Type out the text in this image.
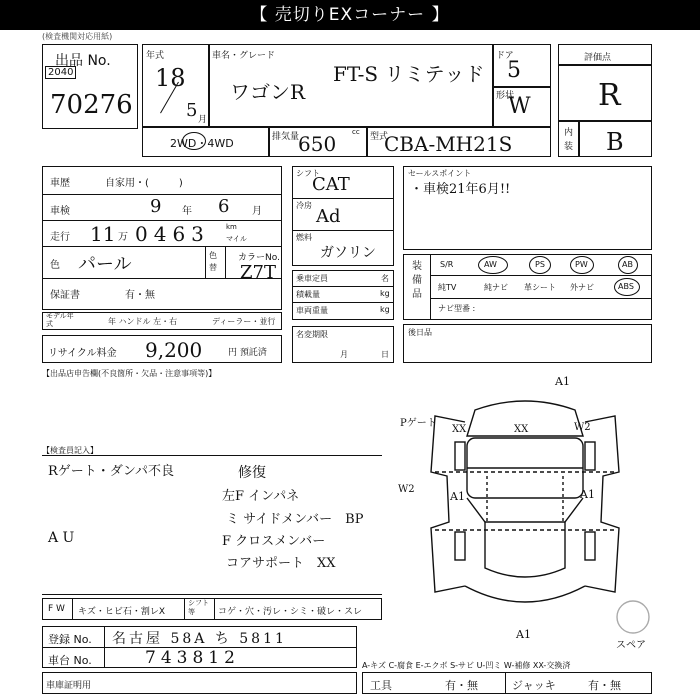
【 売切りEXコーナー 】
(検査機関対応用紙)
出品 No.
2040
70276
年式
18
5 月
車名・グレード
ワゴンR
FT-S リミテッド
ドア
5
形状
W
2WD・4WD	排気量
650 cc 型式
CBA-MH21S
評価点
R
内装 B
車歴	自家用・(　　　)
車検	9 年 6 月
走行 11 万 0463 km
マイル
色 パール	色替
カラーNo.
Z7T
保証書	有・無
モデル年式	年 ハンドル 左・右	ディーラー・並行
リサイクル料金 9,200	円 預託済
シフト
CAT
冷房
Ad
燃料
ガソリン
乗車定員	名
積載量	kg
車両重量	kg
名変期限
月	日
セールスポイント
・車検21年6月!!
装備品
S/R	AW	PS	PW	AB
純TV	純ナビ 革シート 外ナビ	ABS
ナビ型番 :
後日品
【出品店申告欄(不良箇所・欠品・注意事項等)】
【検査員記入】
Rゲート・ダンパ不良	修復
左F インパネ
ミ サイドメンバー　BP
A U	F クロスメンバー
コアサポート　XX
A1
Pゲート
XX	XX	W2
A1	A1
W2
A1
スペア
F W キズ・ヒビ石・割レX
シフト等	コゲ・穴・汚レ・シミ・破レ・スレ
登録 No. 名古屋 58A ち 5811
車台 No.	743812	A-キズ C-腐食 E-エクボ S-サビ U-凹ミ W-補修 XX-交換済
車庫証明用	工具	有・無	ジャッキ	有・無
